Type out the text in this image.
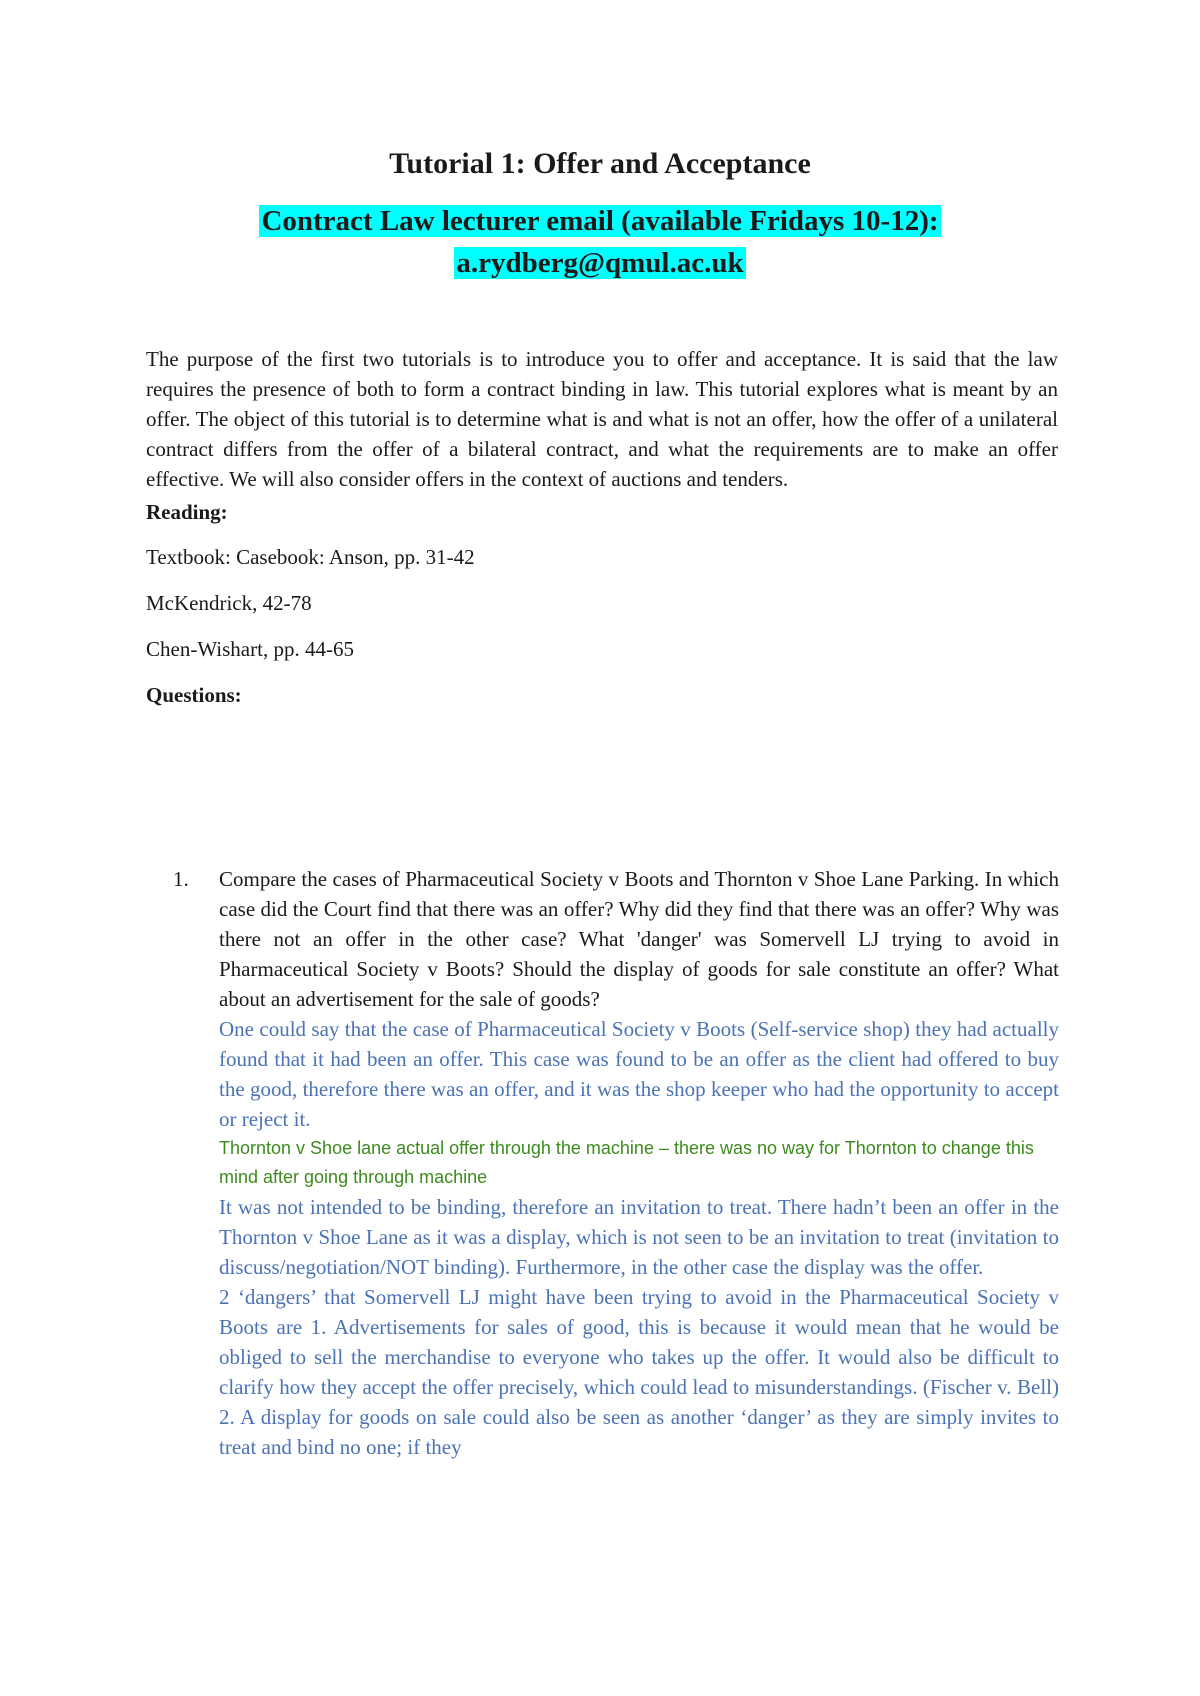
Tutorial 1: Offer and Acceptance
Contract Law lecturer email (available Fridays 10-12):
a.rydberg@qmul.ac.uk

The purpose of the first two tutorials is to introduce you to offer and acceptance. It is said that the law requires the presence of both to form a contract binding in law. This tutorial explores what is meant by an offer. The object of this tutorial is to determine what is and what is not an offer, how the offer of a unilateral contract differs from the offer of a bilateral contract, and what the requirements are to make an offer effective. We will also consider offers in the context of auctions and tenders.

Reading:

Textbook: Casebook: Anson, pp. 31-42

McKendrick, 42-78

Chen-Wishart, pp. 44-65

Questions:

1. Compare the cases of Pharmaceutical Society v Boots and Thornton v Shoe Lane Parking. In which case did the Court find that there was an offer? Why did they find that there was an offer? Why was there not an offer in the other case? What 'danger' was Somervell LJ trying to avoid in Pharmaceutical Society v Boots? Should the display of goods for sale constitute an offer? What about an advertisement for the sale of goods?

One could say that the case of Pharmaceutical Society v Boots (Self-service shop) they had actually found that it had been an offer. This case was found to be an offer as the client had offered to buy the good, therefore there was an offer, and it was the shop keeper who had the opportunity to accept or reject it.

Thornton v Shoe lane actual offer through the machine – there was no way for Thornton to change this mind after going through machine

It was not intended to be binding, therefore an invitation to treat. There hadn’t been an offer in the Thornton v Shoe Lane as it was a display, which is not seen to be an invitation to treat (invitation to discuss/negotiation/NOT binding). Furthermore, in the other case the display was the offer.

2 ‘dangers’ that Somervell LJ might have been trying to avoid in the Pharmaceutical Society v Boots are 1. Advertisements for sales of good, this is because it would mean that he would be obliged to sell the merchandise to everyone who takes up the offer. It would also be difficult to clarify how they accept the offer precisely, which could lead to misunderstandings. (Fischer v. Bell) 2. A display for goods on sale could also be seen as another ‘danger’ as they are simply invites to treat and bind no one; if they
